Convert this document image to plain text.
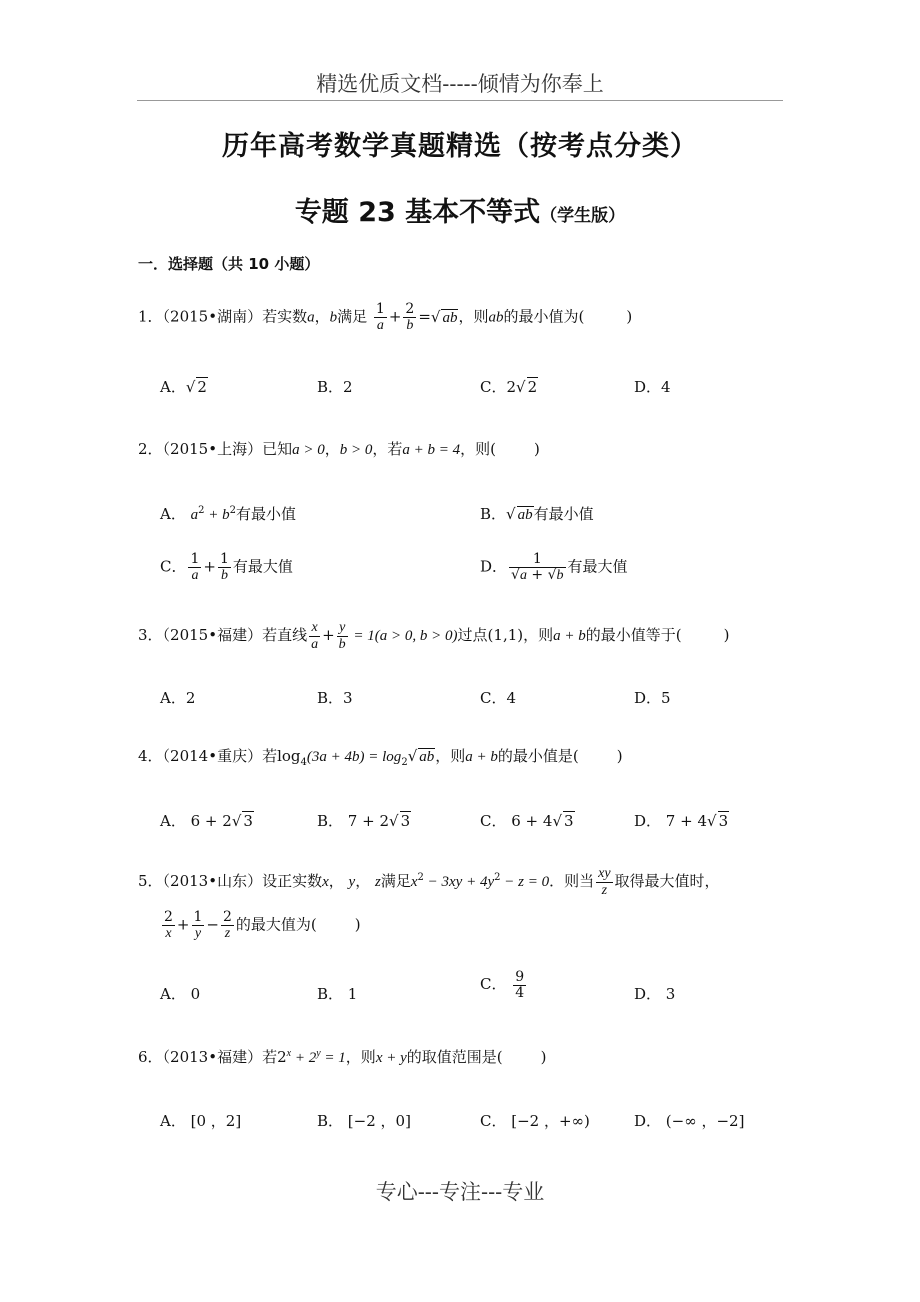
精选优质文档-----倾情为你奉上
历年高考数学真题精选（按考点分类）
专题 23 基本不等式（学生版）
一．选择题（共 10 小题）
1．（2015•湖南）若实数a，b满足 $\frac{1}{a} + \frac{2}{b}$ =√ ab，则ab的最小值为(	)
A．√ 2	B．2	C．2√ 2	D．4
2．（2015•上海）已知a > 0，b > 0，若a + b = 4，则(	)
A． $a^2 + b^2$有最小值	B．√ ab有最小值
C． $\frac{1}{a} + \frac{1}{b}$ 有最大值	D． $\frac{1}{√a + √b}$ 有最大值
3．（2015•福建）若直线 $\frac{x}{a} + \frac{y}{b} = 1(a > 0$, b > 0)过点(1,1)，则a + b的最小值等于(	)
A．2	B．3	C．4	D．5
4．（2014•重庆）若$\log_4(3a + 4b) = \log_2√$ ab，则a + b的最小值是(	)
A． 6 + 2√ 3	B． 7 + 2√ 3	C． 6 + 4√ 3	D． 7 + 4√ 3
5．（2013•山东）设正实数x， y， z满足$x^2 - 3xy + 4y^2 - z = 0$．则当 $\frac{xy}{z}$ 取得最大值时，
$\frac{2}{x} + \frac{1}{y} - \frac{2}{z}$ 的最大值为(	)
A． 0	B． 1
C． $\frac{9}{4}$	D． 3
6．（2013•福建）若$2^x + 2^y = 1$，则x + y的取值范围是(	)
A． [0 ，2]	B． [−2 ，0]	C． [−2 ，+∞)	D． (−∞ ，−2]
专心---专注---专业
